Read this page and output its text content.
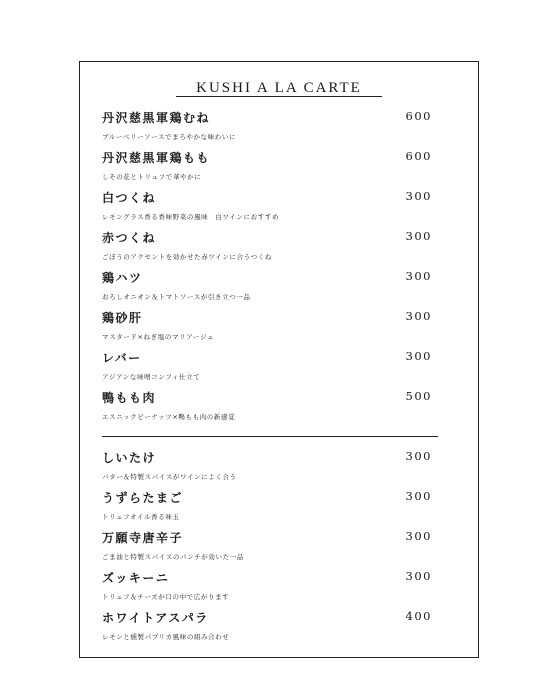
KUSHI A LA CARTE
丹沢慈黒軍鶏むね	600
ブルーベリーソースでまろやかな味わいに
丹沢慈黒軍鶏もも	600
しその花とトリュフで華やかに
白つくね	300
レモングラス香る香味野菜の風味　白ワインにおすすめ
赤つくね	300
ごぼうのアクセントを効かせた赤ワインに合うつくね
鶏ハツ	300
おろしオニオン＆トマトソースが引き立つ一品
鶏砂肝	300
マスタード×ねぎ塩のマリアージュ
レバー	300
アジアンな味噌コンフィ仕立て
鴨もも肉	500
エスニックピーナッツ×鴨もも肉の新感覚
しいたけ	300
バター＆特製スパイスがワインによく合う
うずらたまご	300
トリュフオイル香る味玉
万願寺唐辛子	300
ごま油と特製スパイスのパンチが効いた一品
ズッキーニ	300
トリュフ＆チーズが口の中で広がります
ホワイトアスパラ	400
レモンと燻製パプリカ風味の組み合わせ
